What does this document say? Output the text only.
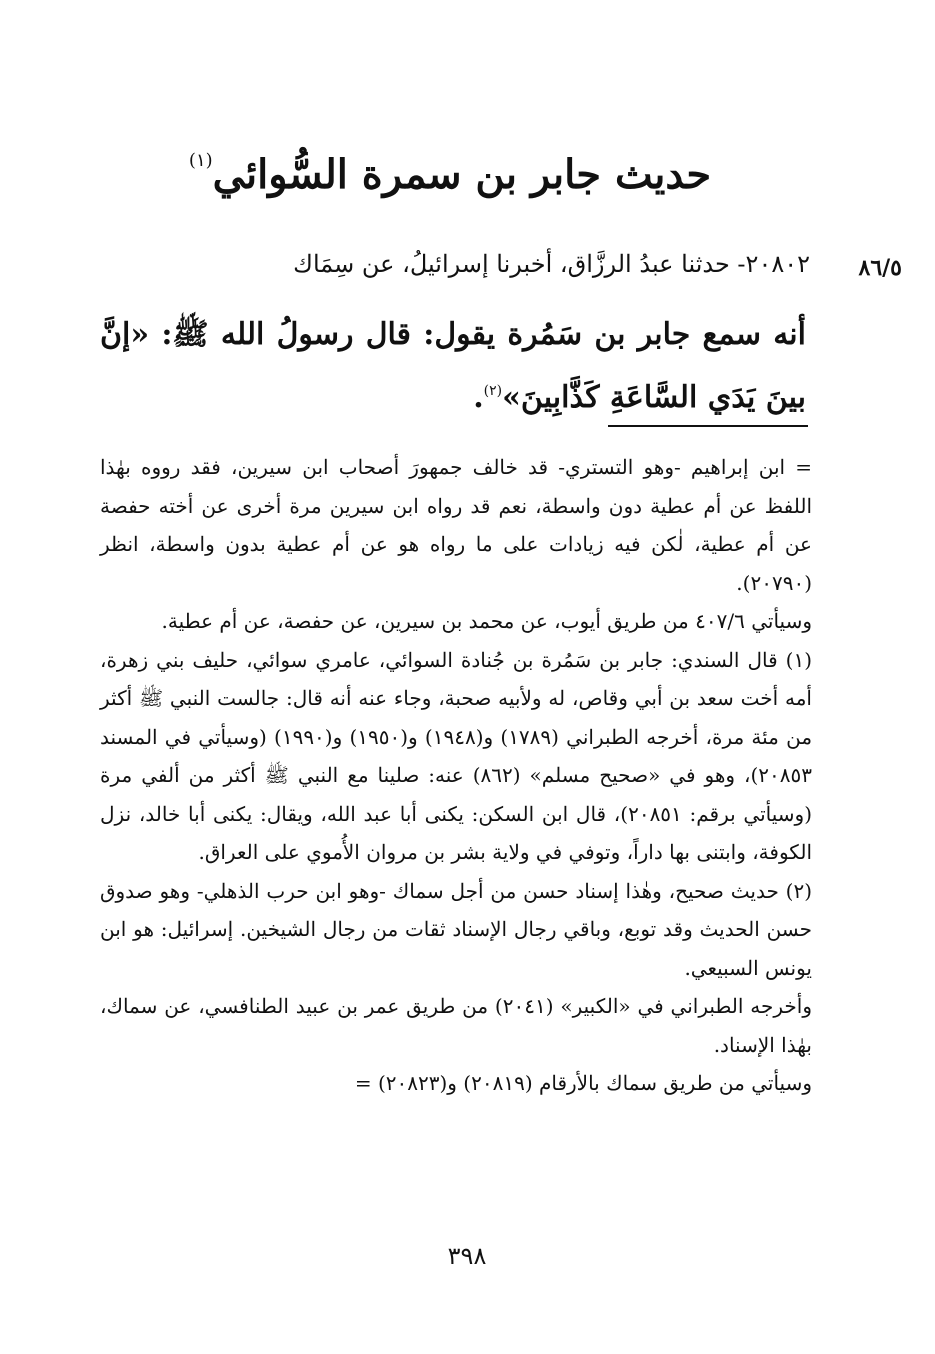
حديث جابر بن سمرة السُّوائي$^{(١)}$
٨٦/٥
٢٠٨٠٢- حدثنا عبدُ الرزَّاق، أخبرنا إسرائيلُ، عن سِمَاك
أنه سمع جابر بن سَمُرة يقول: قال رسولُ الله ﷺ: «إنَّ بينَ يَدَي السَّاعَةِ كَذَّابِينَ»$^{(٢)}$.

= ابن إبراهيم -وهو التستري- قد خالف جمهورَ أصحاب ابن سيرين، فقد رووه بهٰذا اللفظ عن أم عطية دون واسطة، نعم قد رواه ابن سيرين مرة أخرى عن أخته حفصة عن أم عطية، لٰكن فيه زيادات على ما رواه هو عن أم عطية بدون واسطة، انظر (٢٠٧٩٠).

وسيأتي ٤٠٧/٦ من طريق أيوب، عن محمد بن سيرين، عن حفصة، عن أم عطية.

(١) قال السندي: جابر بن سَمُرة بن جُنادة السوائي، عامري سوائي، حليف بني زهرة، أمه أخت سعد بن أبي وقاص، له ولأبيه صحبة، وجاء عنه أنه قال: جالست النبي ﷺ أكثر من مئة مرة، أخرجه الطبراني (١٧٨٩) و(١٩٤٨) و(١٩٥٠) و(١٩٩٠) (وسيأتي في المسند ٢٠٨٥٣)، وهو في «صحيح مسلم» (٨٦٢) عنه: صلينا مع النبي ﷺ أكثر من ألفي مرة (وسيأتي برقم: ٢٠٨٥١)، قال ابن السكن: يكنى أبا عبد الله، ويقال: يكنى أبا خالد، نزل الكوفة، وابتنى بها داراً، وتوفي في ولاية بشر بن مروان الأُموي على العراق.

(٢) حديث صحيح، وهٰذا إسناد حسن من أجل سماك -وهو ابن حرب الذهلي- وهو صدوق حسن الحديث وقد توبع، وباقي رجال الإسناد ثقات من رجال الشيخين. إسرائيل: هو ابن يونس السبيعي.

وأخرجه الطبراني في «الكبير» (٢٠٤١) من طريق عمر بن عبيد الطنافسي، عن سماك، بهٰذا الإسناد.

وسيأتي من طريق سماك بالأرقام (٢٠٨١٩) و(٢٠٨٢٣) =

٣٩٨
